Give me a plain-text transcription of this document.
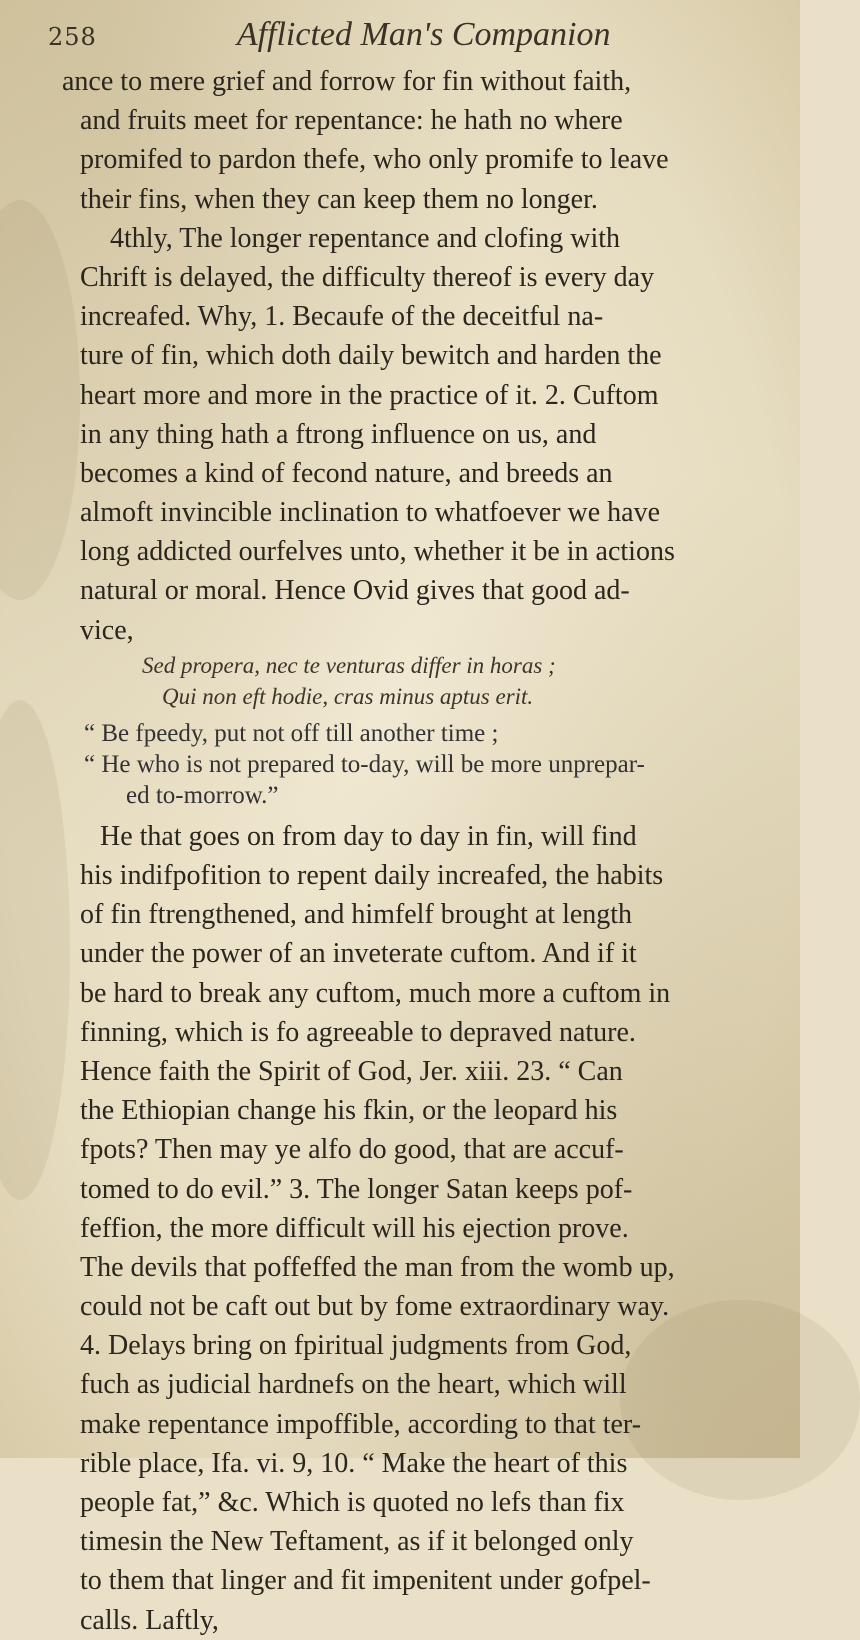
258	Afflicted Man's Companion
ance to mere grief and forrow for fin without faith,
and fruits meet for repentance: he hath no where
promifed to pardon thefe, who only promife to leave
their fins, when they can keep them no longer.
4thly, The longer repentance and clofing with
Chrift is delayed, the difficulty thereof is every day
increafed. Why, 1. Becaufe of the deceitful na-
ture of fin, which doth daily bewitch and harden the
heart more and more in the practice of it. 2. Cuftom
in any thing hath a ftrong influence on us, and
becomes a kind of fecond nature, and breeds an
almoft invincible inclination to whatfoever we have
long addicted ourfelves unto, whether it be in actions
natural or moral. Hence Ovid gives that good ad-
vice,
Sed propera, nec te venturas differ in horas ;
Qui non eft hodie, cras minus aptus erit.
“ Be fpeedy, put not off till another time ;
“ He who is not prepared to-day, will be more unprepar-
ed to-morrow.”
He that goes on from day to day in fin, will find
his indifpofition to repent daily increafed, the habits
of fin ftrengthened, and himfelf brought at length
under the power of an inveterate cuftom. And if it
be hard to break any cuftom, much more a cuftom in
finning, which is fo agreeable to depraved nature.
Hence faith the Spirit of God, Jer. xiii. 23. “ Can
the Ethiopian change his fkin, or the leopard his
fpots? Then may ye alfo do good, that are accuf-
tomed to do evil.” 3. The longer Satan keeps pof-
feffion, the more difficult will his ejection prove.
The devils that poffeffed the man from the womb up,
could not be caft out but by fome extraordinary way.
4. Delays bring on fpiritual judgments from God,
fuch as judicial hardnefs on the heart, which will
make repentance impoffible, according to that ter-
rible place, Ifa. vi. 9, 10. “ Make the heart of this
people fat,” &c. Which is quoted no lefs than fix
timesin the New Teftament, as if it belonged only
to them that linger and fit impenitent under gofpel-
calls. Laftly,
